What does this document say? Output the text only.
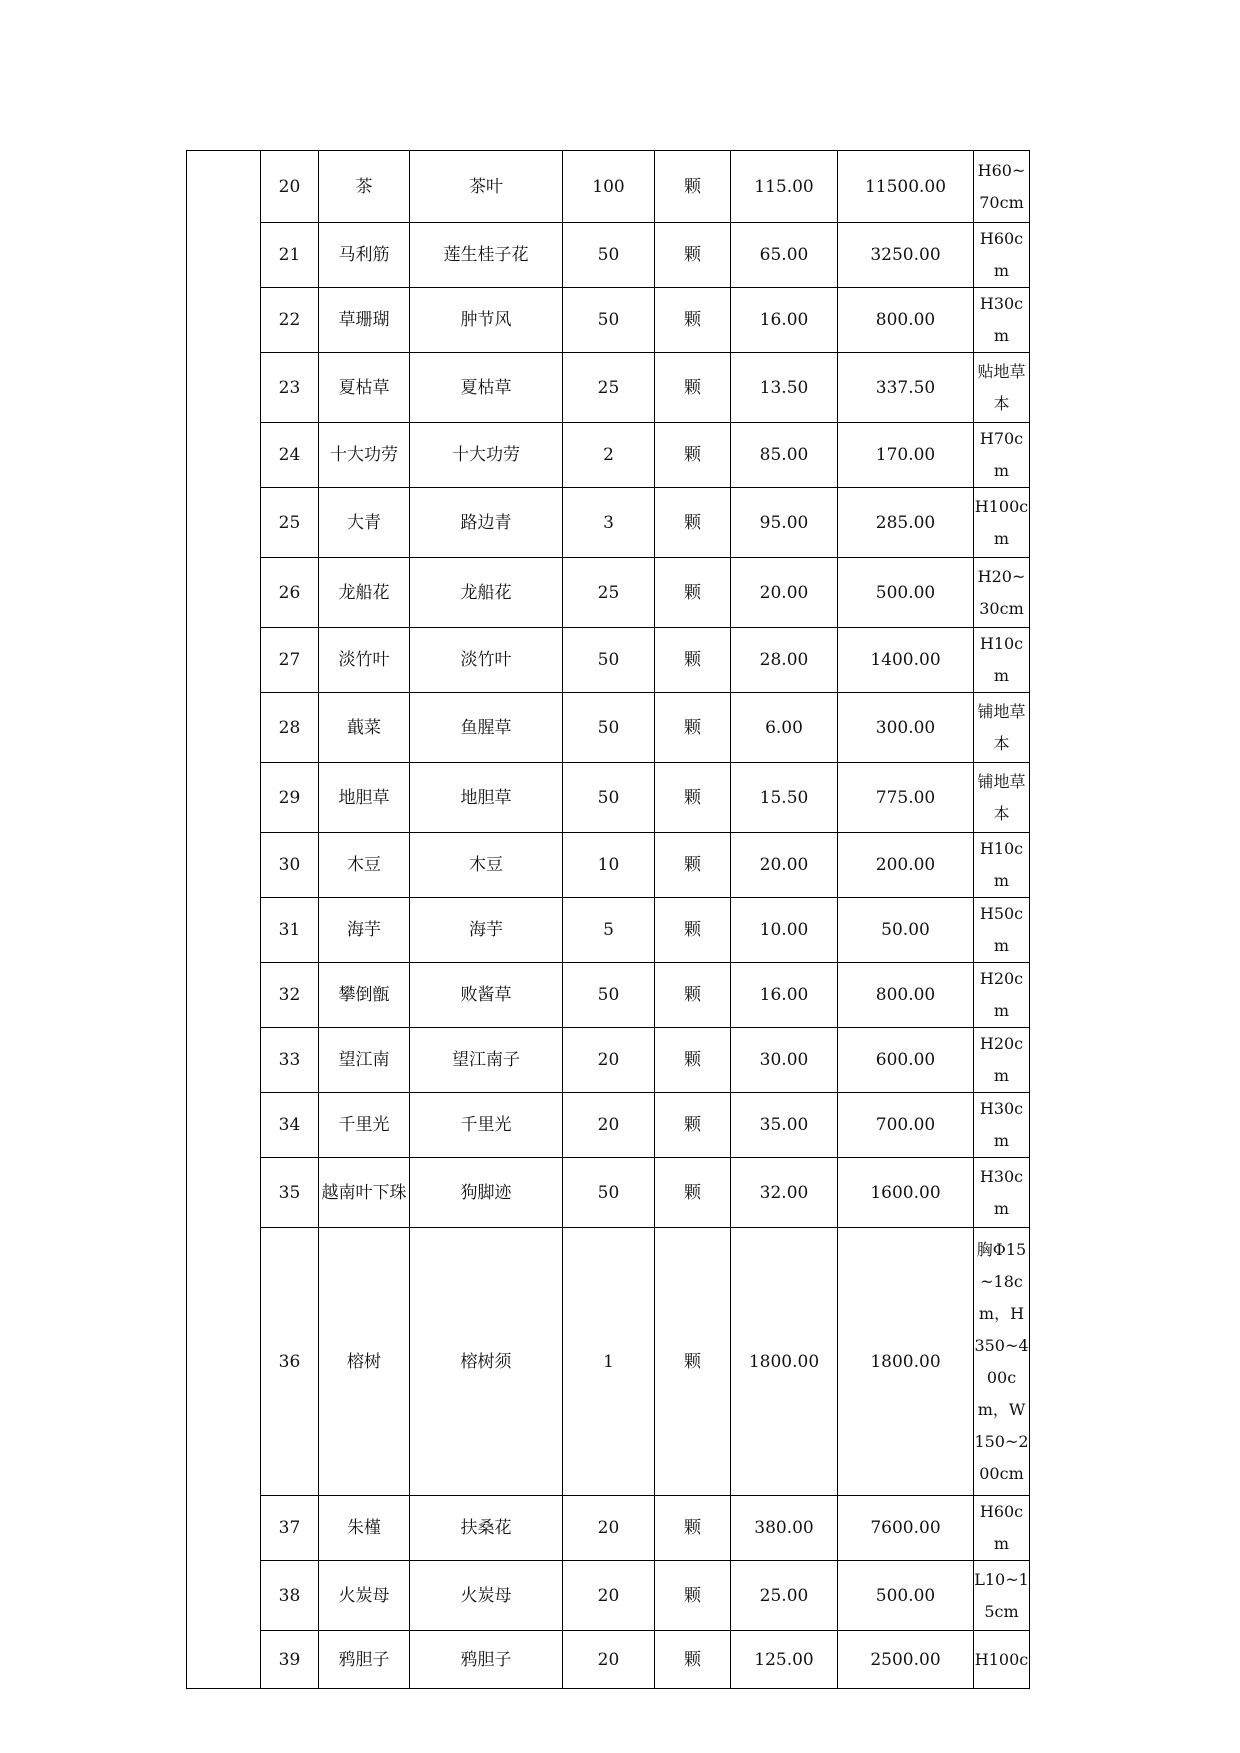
	20	茶	茶叶	100	颗	115.00	11500.00	H60~70cm
	21	马利筋	莲生桂子花	50	颗	65.00	3250.00	H60cm
	22	草珊瑚	肿节风	50	颗	16.00	800.00	H30cm
	23	夏枯草	夏枯草	25	颗	13.50	337.50	贴地草本
	24	十大功劳	十大功劳	2	颗	85.00	170.00	H70cm
	25	大青	路边青	3	颗	95.00	285.00	H100cm
	26	龙船花	龙船花	25	颗	20.00	500.00	H20~30cm
	27	淡竹叶	淡竹叶	50	颗	28.00	1400.00	H10cm
	28	蕺菜	鱼腥草	50	颗	6.00	300.00	铺地草本
	29	地胆草	地胆草	50	颗	15.50	775.00	铺地草本
	30	木豆	木豆	10	颗	20.00	200.00	H10cm
	31	海芋	海芋	5	颗	10.00	50.00	H50cm
	32	攀倒甑	败酱草	50	颗	16.00	800.00	H20cm
	33	望江南	望江南子	20	颗	30.00	600.00	H20cm
	34	千里光	千里光	20	颗	35.00	700.00	H30cm
	35	越南叶下珠	狗脚迹	50	颗	32.00	1600.00	H30cm
	36	榕树	榕树须	1	颗	1800.00	1800.00	胸Φ15~18cm，H350~400cm，W150~200cm
	37	朱槿	扶桑花	20	颗	380.00	7600.00	H60cm
	38	火炭母	火炭母	20	颗	25.00	500.00	L10~15cm
	39	鸦胆子	鸦胆子	20	颗	125.00	2500.00	H100c
